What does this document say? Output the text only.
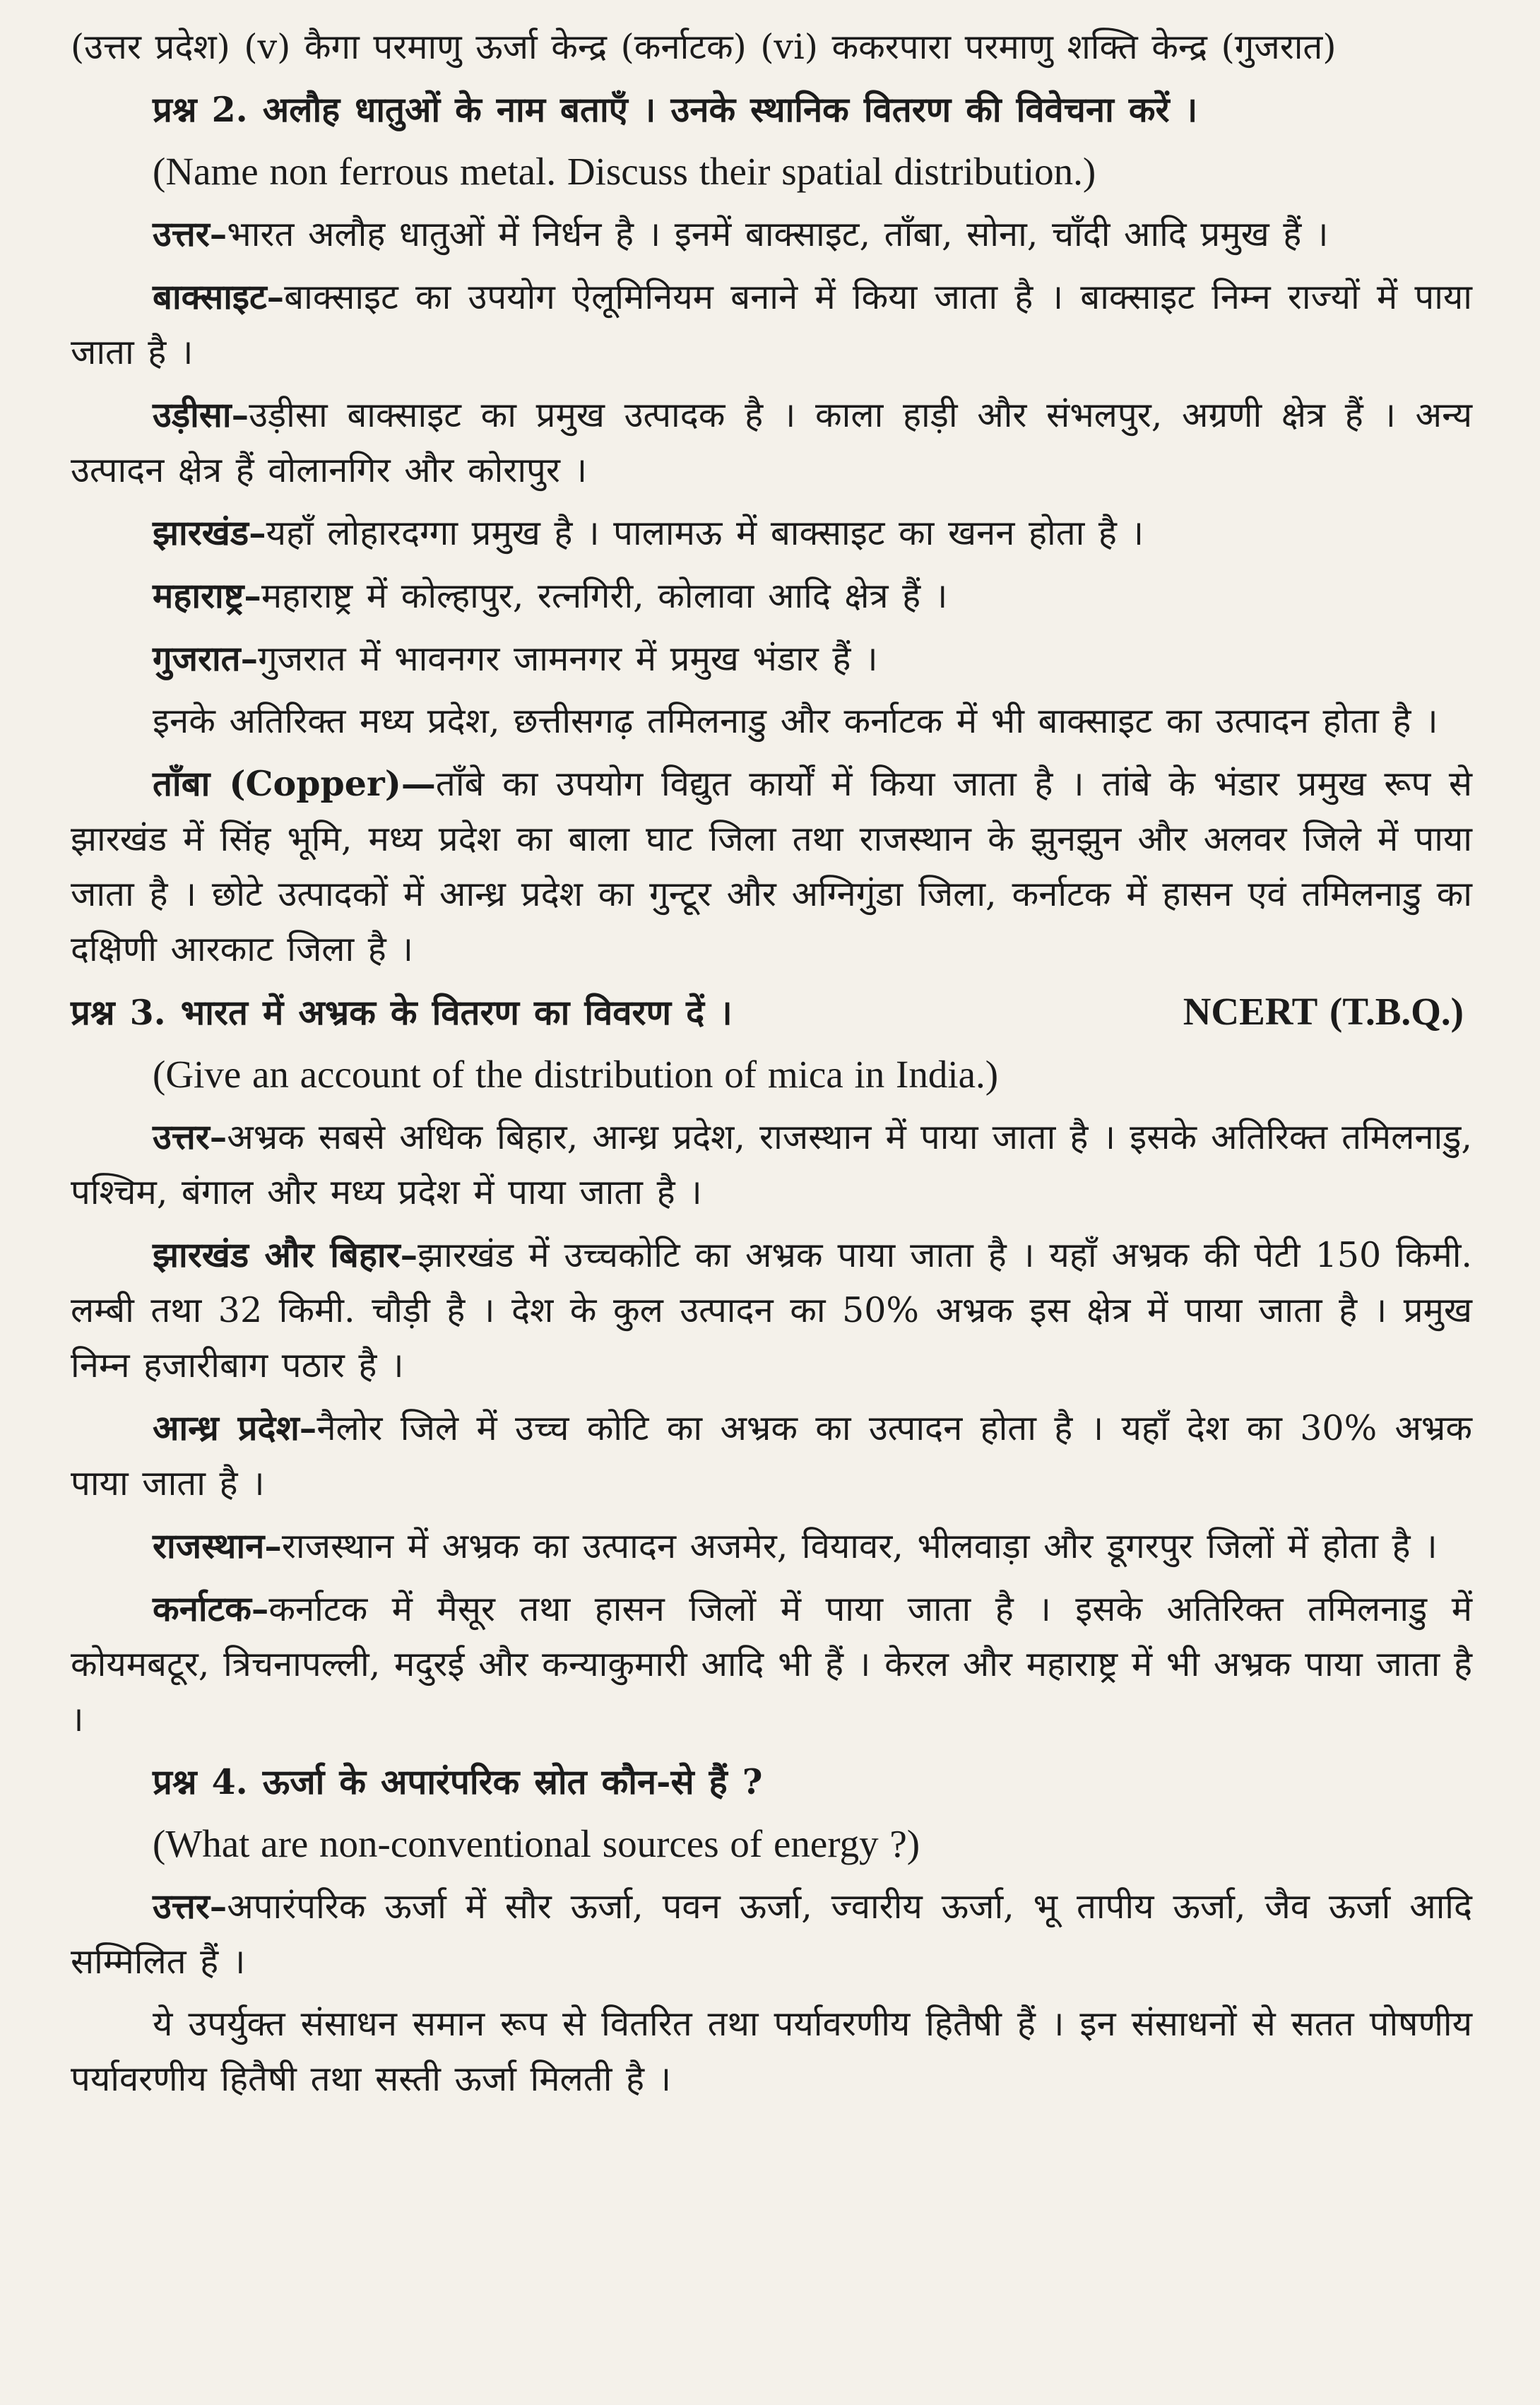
(उत्तर प्रदेश) (v) कैगा परमाणु ऊर्जा केन्द्र (कर्नाटक) (vi) ककरपारा परमाणु शक्ति केन्द्र (गुजरात)

प्रश्न 2. अलौह धातुओं के नाम बताएँ । उनके स्थानिक वितरण की विवेचना करें ।

(Name non ferrous metal. Discuss their spatial distribution.)

उत्तर–भारत अलौह धातुओं में निर्धन है । इनमें बाक्साइट, ताँबा, सोना, चाँदी आदि प्रमुख हैं ।

बाक्साइट–बाक्साइट का उपयोग ऐलूमिनियम बनाने में किया जाता है । बाक्साइट निम्न राज्यों में पाया जाता है ।

उड़ीसा–उड़ीसा बाक्साइट का प्रमुख उत्पादक है । काला हाड़ी और संभलपुर, अग्रणी क्षेत्र हैं । अन्य उत्पादन क्षेत्र हैं वोलानगिर और कोरापुर ।

झारखंड–यहाँ लोहारदग्गा प्रमुख है । पालामऊ में बाक्साइट का खनन होता है ।

महाराष्ट्र–महाराष्ट्र में कोल्हापुर, रत्नगिरी, कोलावा आदि क्षेत्र हैं ।

गुजरात–गुजरात में भावनगर जामनगर में प्रमुख भंडार हैं ।

इनके अतिरिक्त मध्य प्रदेश, छत्तीसगढ़ तमिलनाडु और कर्नाटक में भी बाक्साइट का उत्पादन होता है ।

ताँबा (Copper)—ताँबे का उपयोग विद्युत कार्यों में किया जाता है । तांबे के भंडार प्रमुख रूप से झारखंड में सिंह भूमि, मध्य प्रदेश का बाला घाट जिला तथा राजस्थान के झुनझुन और अलवर जिले में पाया जाता है । छोटे उत्पादकों में आन्ध्र प्रदेश का गुन्टूर और अग्निगुंडा जिला, कर्नाटक में हासन एवं तमिलनाडु का दक्षिणी आरकाट जिला है ।

प्रश्न 3. भारत में अभ्रक के वितरण का विवरण दें ।	NCERT (T.B.Q.)

(Give an account of the distribution of mica in India.)

उत्तर–अभ्रक सबसे अधिक बिहार, आन्ध्र प्रदेश, राजस्थान में पाया जाता है । इसके अतिरिक्त तमिलनाडु, पश्चिम, बंगाल और मध्य प्रदेश में पाया जाता है ।

झारखंड और बिहार–झारखंड में उच्चकोटि का अभ्रक पाया जाता है । यहाँ अभ्रक की पेटी 150 किमी. लम्बी तथा 32 किमी. चौड़ी है । देश के कुल उत्पादन का 50% अभ्रक इस क्षेत्र में पाया जाता है । प्रमुख निम्न हजारीबाग पठार है ।

आन्ध्र प्रदेश–नैलोर जिले में उच्च कोटि का अभ्रक का उत्पादन होता है । यहाँ देश का 30% अभ्रक पाया जाता है ।

राजस्थान–राजस्थान में अभ्रक का उत्पादन अजमेर, वियावर, भीलवाड़ा और डूगरपुर जिलों में होता है ।

कर्नाटक–कर्नाटक में मैसूर तथा हासन जिलों में पाया जाता है । इसके अतिरिक्त तमिलनाडु में कोयमबटूर, त्रिचनापल्ली, मदुरई और कन्याकुमारी आदि भी हैं । केरल और महाराष्ट्र में भी अभ्रक पाया जाता है ।

प्रश्न 4. ऊर्जा के अपारंपरिक स्रोत कौन-से हैं ?

(What are non-conventional sources of energy ?)

उत्तर–अपारंपरिक ऊर्जा में सौर ऊर्जा, पवन ऊर्जा, ज्वारीय ऊर्जा, भू तापीय ऊर्जा, जैव ऊर्जा आदि सम्मिलित हैं ।

ये उपर्युक्त संसाधन समान रूप से वितरित तथा पर्यावरणीय हितैषी हैं । इन संसाधनों से सतत पोषणीय पर्यावरणीय हितैषी तथा सस्ती ऊर्जा मिलती है ।
